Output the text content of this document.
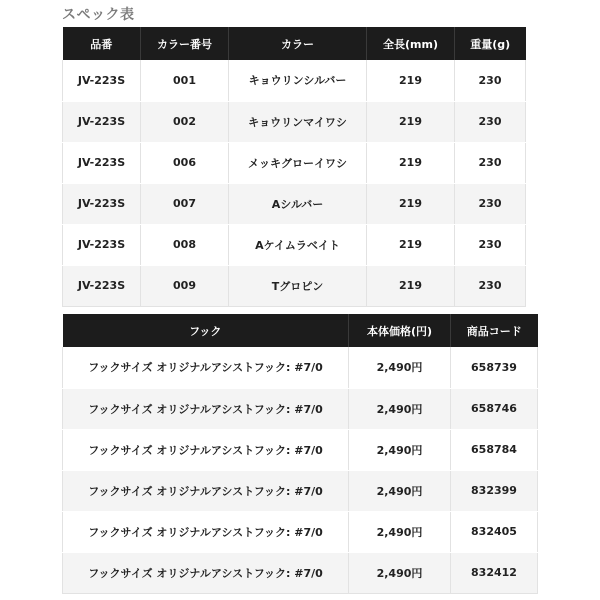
スペック表
品番	カラー番号	カラー	全長(mm)	重量(g)
JV-223S	001	キョウリンシルバー	219	230
JV-223S	002	キョウリンマイワシ	219	230
JV-223S	006	メッキグローイワシ	219	230
JV-223S	007	Aシルバー	219	230
JV-223S	008	Aケイムラベイト	219	230
JV-223S	009	Tグロピン	219	230
フック	本体価格(円)	商品コード
フックサイズ オリジナルアシストフック: #7/0	2,490円	658739
フックサイズ オリジナルアシストフック: #7/0	2,490円	658746
フックサイズ オリジナルアシストフック: #7/0	2,490円	658784
フックサイズ オリジナルアシストフック: #7/0	2,490円	832399
フックサイズ オリジナルアシストフック: #7/0	2,490円	832405
フックサイズ オリジナルアシストフック: #7/0	2,490円	832412
